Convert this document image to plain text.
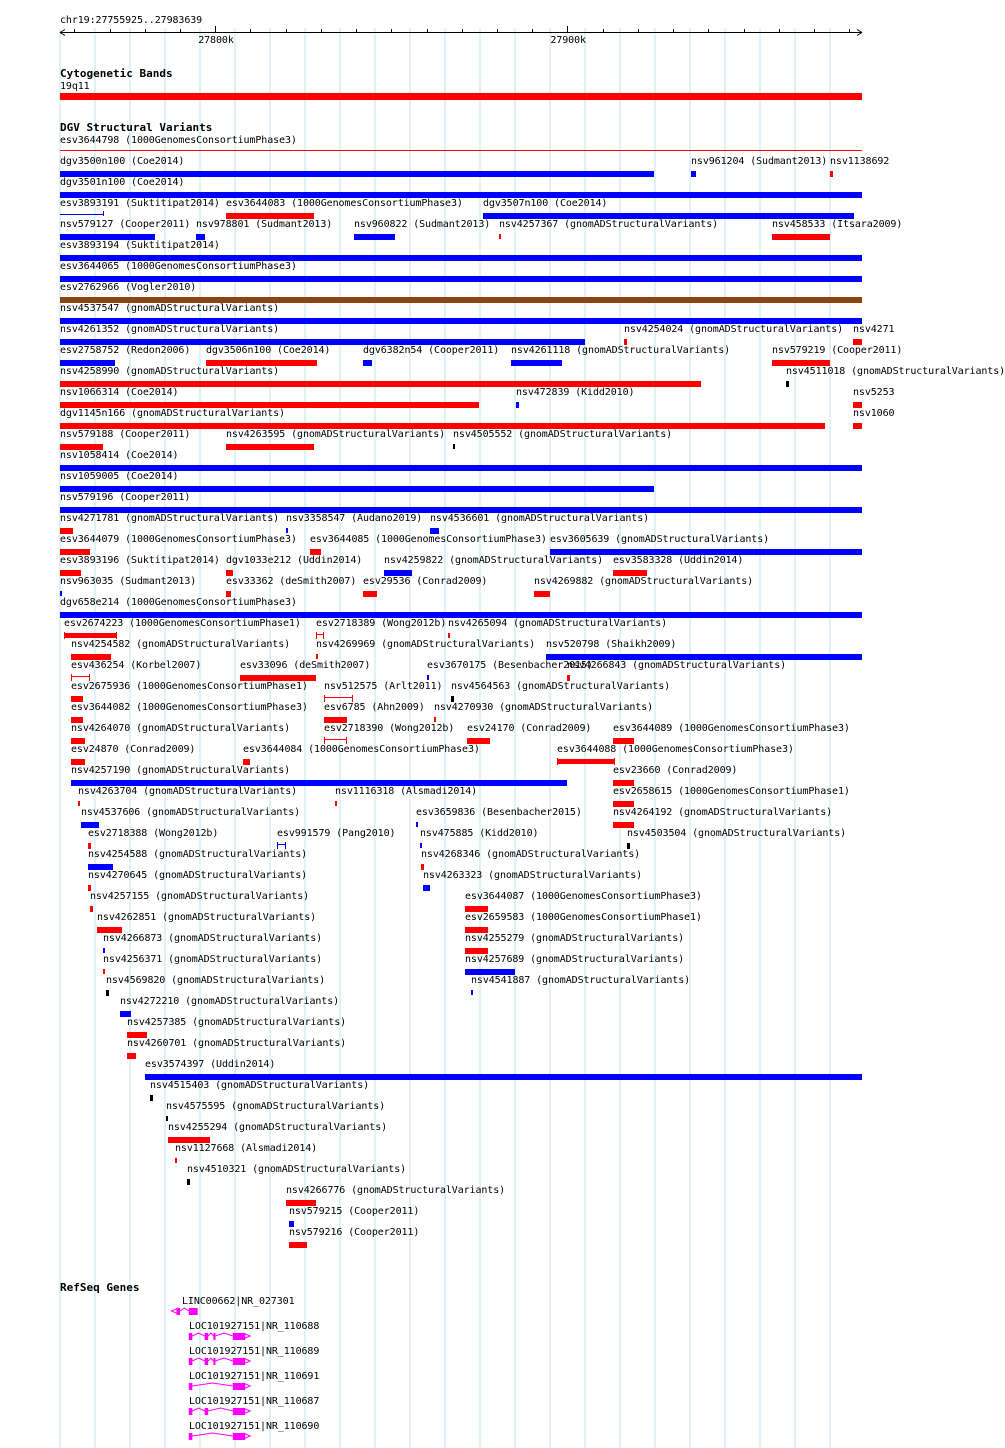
chr19:27755925..27983639
27800k	27900k
Cytogenetic Bands
19q11
DGV Structural Variants
esv3644798 (1000GenomesConsortiumPhase3)
dgv3500n100 (Coe2014)	nsv961204 (Sudmant2013) nsv1138692
dgv3501n100 (Coe2014)
esv3893191 (Suktitipat2014) esv3644083 (1000GenomesConsortiumPhase3) dgv3507n100 (Coe2014)
nsv579127 (Cooper2011) nsv978801 (Sudmant2013) nsv960822 (Sudmant2013) nsv4257367 (gnomADStructuralVariants)	nsv458533 (Itsara2009)
esv3893194 (Suktitipat2014)
esv3644065 (1000GenomesConsortiumPhase3)
esv2762966 (Vogler2010)
nsv4537547 (gnomADStructuralVariants)
nsv4261352 (gnomADStructuralVariants)	nsv4254024 (gnomADStructuralVariants) nsv4271
esv2758752 (Redon2006) dgv3506n100 (Coe2014)	dgv6382n54 (Cooper2011) nsv4261118 (gnomADStructuralVariants)	nsv579219 (Cooper2011)
nsv4258990 (gnomADStructuralVariants)	nsv4511018 (gnomADStructuralVariants)
nsv1066314 (Coe2014)	nsv472839 (Kidd2010)	nsv5253
dgv1145n166 (gnomADStructuralVariants)	nsv1060
nsv579188 (Cooper2011)	nsv4263595 (gnomADStructuralVariants) nsv4505552 (gnomADStructuralVariants)
nsv1058414 (Coe2014)
nsv1059005 (Coe2014)
nsv579196 (Cooper2011)
nsv4271781 (gnomADStructuralVariants) nsv3358547 (Audano2019) nsv4536601 (gnomADStructuralVariants)
esv3644079 (1000GenomesConsortiumPhase3) esv3644085 (1000GenomesConsortiumPhase3) esv3605639 (gnomADStructuralVariants)
esv3893196 (Suktitipat2014) dgv1033e212 (Uddin2014) nsv4259822 (gnomADStructuralVariants) esv3583328 (Uddin2014)
nsv963035 (Sudmant2013)	esv33362 (deSmith2007) esv29536 (Conrad2009)	nsv4269882 (gnomADStructuralVariants)
dgv658e214 (1000GenomesConsortiumPhase3)
esv2674223 (1000GenomesConsortiumPhase1) esv2718389 (Wong2012b) nsv4265094 (gnomADStructuralVariants)
nsv4254582 (gnomADStructuralVariants)	nsv4269969 (gnomADStructuralVariants) nsv520798 (Shaikh2009)
esv436254 (Korbel2007)	esv33096 (deSmith2007)	esv3670175 (Besenbacher2015)
nsv4266843 (gnomADStructuralVariants)
esv2675936 (1000GenomesConsortiumPhase1) nsv512575 (Arlt2011) nsv4564563 (gnomADStructuralVariants)
esv3644082 (1000GenomesConsortiumPhase3) esv6785 (Ahn2009) nsv4270930 (gnomADStructuralVariants)
nsv4264070 (gnomADStructuralVariants)	esv2718390 (Wong2012b) esv24170 (Conrad2009) esv3644089 (1000GenomesConsortiumPhase3)
esv24870 (Conrad2009)	esv3644084 (1000GenomesConsortiumPhase3)	esv3644088 (1000GenomesConsortiumPhase3)
nsv4257190 (gnomADStructuralVariants)	esv23660 (Conrad2009)
nsv4263704 (gnomADStructuralVariants)	nsv1116318 (Alsmadi2014)	esv2658615 (1000GenomesConsortiumPhase1)
nsv4537606 (gnomADStructuralVariants)	esv3659836 (Besenbacher2015)	nsv4264192 (gnomADStructuralVariants)
esv2718388 (Wong2012b)	esv991579 (Pang2010) nsv475885 (Kidd2010)	nsv4503504 (gnomADStructuralVariants)
nsv4254588 (gnomADStructuralVariants)	nsv4268346 (gnomADStructuralVariants)
nsv4270645 (gnomADStructuralVariants)	nsv4263323 (gnomADStructuralVariants)
nsv4257155 (gnomADStructuralVariants)	esv3644087 (1000GenomesConsortiumPhase3)
nsv4262851 (gnomADStructuralVariants)	esv2659583 (1000GenomesConsortiumPhase1)
nsv4266873 (gnomADStructuralVariants)	nsv4255279 (gnomADStructuralVariants)
nsv4256371 (gnomADStructuralVariants)	nsv4257689 (gnomADStructuralVariants)
nsv4569820 (gnomADStructuralVariants)	nsv4541887 (gnomADStructuralVariants)
nsv4272210 (gnomADStructuralVariants)
nsv4257385 (gnomADStructuralVariants)
nsv4260701 (gnomADStructuralVariants)
esv3574397 (Uddin2014)
nsv4515403 (gnomADStructuralVariants)
nsv4575595 (gnomADStructuralVariants)
nsv4255294 (gnomADStructuralVariants)
nsv1127668 (Alsmadi2014)
nsv4510321 (gnomADStructuralVariants)
nsv4266776 (gnomADStructuralVariants)
nsv579215 (Cooper2011)
nsv579216 (Cooper2011)
LINC00662|NR_027301
LOC101927151|NR_110688
LOC101927151|NR_110689
LOC101927151|NR_110691
LOC101927151|NR_110687
LOC101927151|NR_110690
RefSeq Genes
